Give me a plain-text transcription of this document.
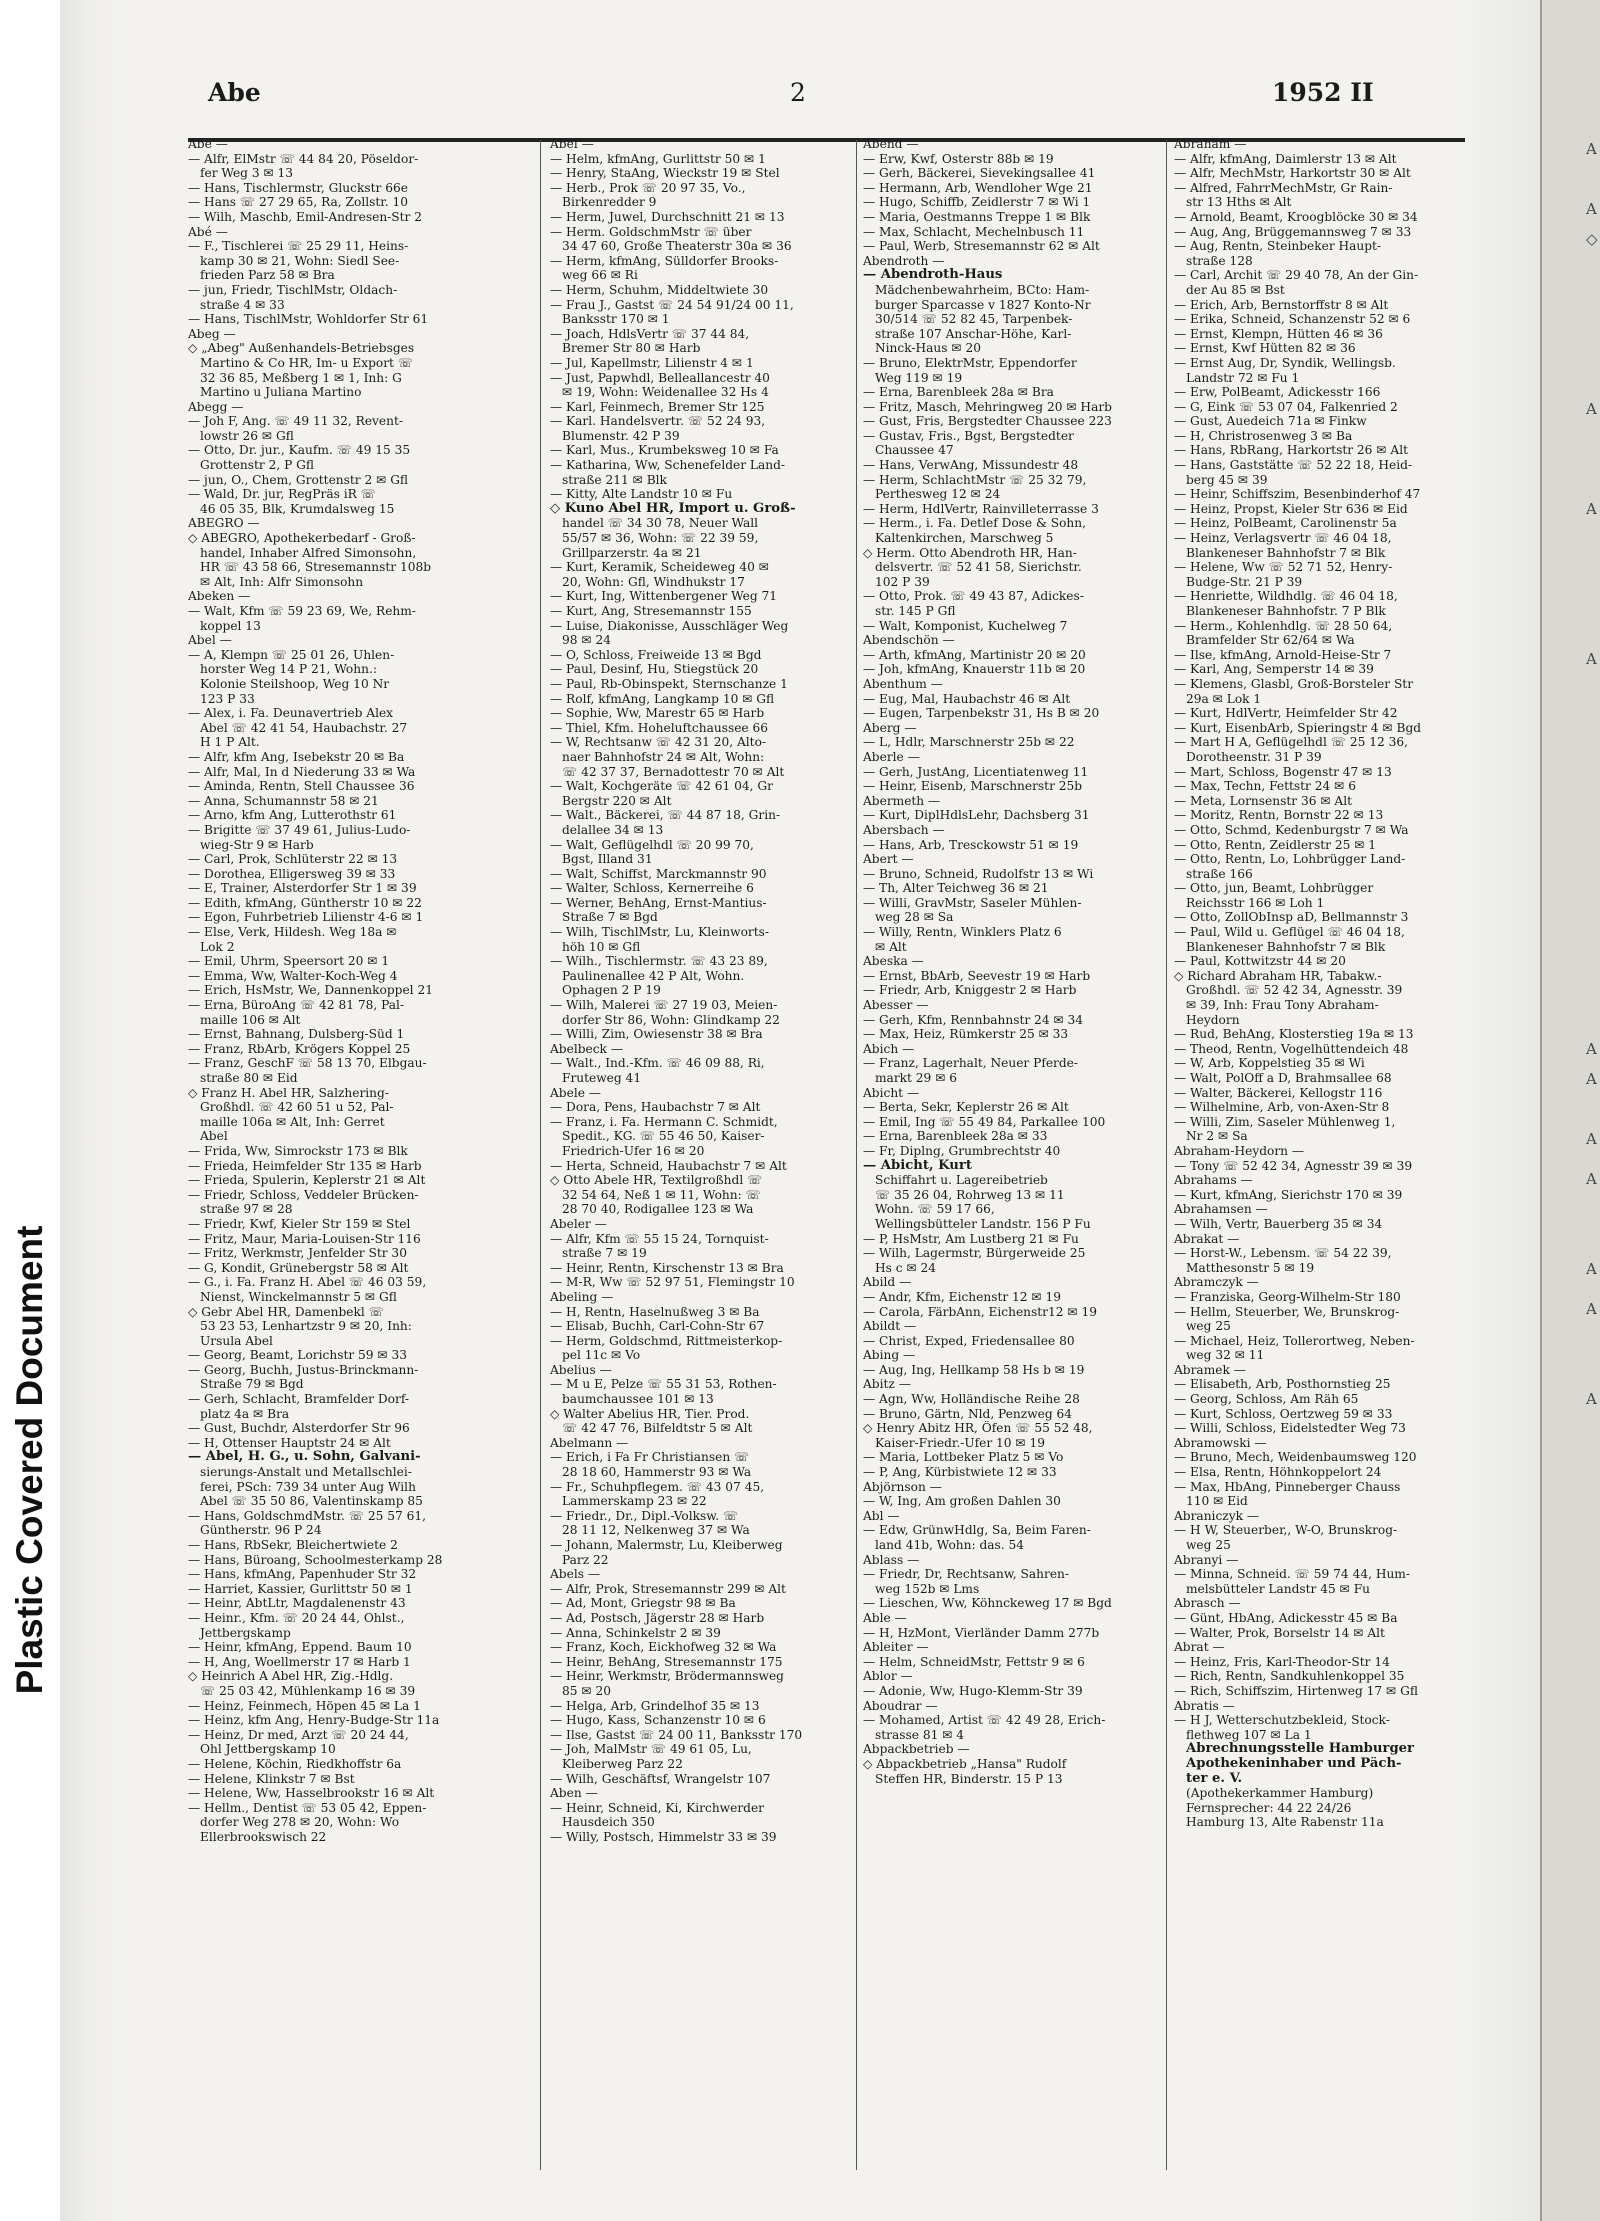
Plastic Covered Document
Abe	2	1952 II
Abe —
— Alfr, ElMstr ☏ 44 84 20, Pöseldor-
fer Weg 3 ✉ 13
— Hans, Tischlermstr, Gluckstr 66e
— Hans ☏ 27 29 65, Ra, Zollstr. 10
— Wilh, Maschb, Emil-Andresen-Str 2
Abé —
— F., Tischlerei ☏ 25 29 11, Heins-
kamp 30 ✉ 21, Wohn: Siedl See-
frieden Parz 58 ✉ Bra
— jun, Friedr, TischlMstr, Oldach-
straße 4 ✉ 33
— Hans, TischlMstr, Wohldorfer Str 61
Abeg —
◇ „Abeg" Außenhandels-Betriebsges
Martino & Co HR, Im- u Export ☏
32 36 85, Meßberg 1 ✉ 1, Inh: G
Martino u Juliana Martino
Abegg —
— Joh F, Ang. ☏ 49 11 32, Revent-
lowstr 26 ✉ Gfl
— Otto, Dr. jur., Kaufm. ☏ 49 15 35
Grottenstr 2, P Gfl
— jun, O., Chem, Grottenstr 2 ✉ Gfl
— Wald, Dr. jur, RegPräs iR ☏
46 05 35, Blk, Krumdalsweg 15
ABEGRO —
◇ ABEGRO, Apothekerbedarf - Groß-
handel, Inhaber Alfred Simonsohn,
HR ☏ 43 58 66, Stresemannstr 108b
✉ Alt, Inh: Alfr Simonsohn
Abeken —
— Walt, Kfm ☏ 59 23 69, We, Rehm-
koppel 13
Abel —
— A, Klempn ☏ 25 01 26, Uhlen-
horster Weg 14 P 21, Wohn.:
Kolonie Steilshoop, Weg 10 Nr
123 P 33
— Alex, i. Fa. Deunavertrieb Alex
Abel ☏ 42 41 54, Haubachstr. 27
H 1 P Alt.
— Alfr, kfm Ang, Isebekstr 20 ✉ Ba
— Alfr, Mal, In d Niederung 33 ✉ Wa
— Aminda, Rentn, Stell Chaussee 36
— Anna, Schumannstr 58 ✉ 21
— Arno, kfm Ang, Lutterothstr 61
— Brigitte ☏ 37 49 61, Julius-Ludo-
wieg-Str 9 ✉ Harb
— Carl, Prok, Schlüterstr 22 ✉ 13
— Dorothea, Elligersweg 39 ✉ 33
— E, Trainer, Alsterdorfer Str 1 ✉ 39
— Edith, kfmAng, Güntherstr 10 ✉ 22
— Egon, Fuhrbetrieb Lilienstr 4-6 ✉ 1
— Else, Verk, Hildesh. Weg 18a ✉
Lok 2
— Emil, Uhrm, Speersort 20 ✉ 1
— Emma, Ww, Walter-Koch-Weg 4
— Erich, HsMstr, We, Dannenkoppel 21
— Erna, BüroAng ☏ 42 81 78, Pal-
maille 106 ✉ Alt
— Ernst, Bahnang, Dulsberg-Süd 1
— Franz, RbArb, Krögers Koppel 25
— Franz, GeschF ☏ 58 13 70, Elbgau-
straße 80 ✉ Eid
◇ Franz H. Abel HR, Salzhering-
Großhdl. ☏ 42 60 51 u 52, Pal-
maille 106a ✉ Alt, Inh: Gerret
Abel
— Frida, Ww, Simrockstr 173 ✉ Blk
— Frieda, Heimfelder Str 135 ✉ Harb
— Frieda, Spulerin, Keplerstr 21 ✉ Alt
— Friedr, Schloss, Veddeler Brücken-
straße 97 ✉ 28
— Friedr, Kwf, Kieler Str 159 ✉ Stel
— Fritz, Maur, Maria-Louisen-Str 116
— Fritz, Werkmstr, Jenfelder Str 30
— G, Kondit, Grünebergstr 58 ✉ Alt
— G., i. Fa. Franz H. Abel ☏ 46 03 59,
Nienst, Winckelmannstr 5 ✉ Gfl
◇ Gebr Abel HR, Damenbekl ☏
53 23 53, Lenhartzstr 9 ✉ 20, Inh:
Ursula Abel
— Georg, Beamt, Lorichstr 59 ✉ 33
— Georg, Buchh, Justus-Brinckmann-
Straße 79 ✉ Bgd
— Gerh, Schlacht, Bramfelder Dorf-
platz 4a ✉ Bra
— Gust, Buchdr, Alsterdorfer Str 96
— H, Ottenser Hauptstr 24 ✉ Alt
— Abel, H. G., u. Sohn, Galvani-
sierungs-Anstalt und Metallschlei-
ferei, PSch: 739 34 unter Aug Wilh
Abel ☏ 35 50 86, Valentinskamp 85
— Hans, GoldschmdMstr. ☏ 25 57 61,
Güntherstr. 96 P 24
— Hans, RbSekr, Bleichertwiete 2
— Hans, Büroang, Schoolmesterkamp 28
— Hans, kfmAng, Papenhuder Str 32
— Harriet, Kassier, Gurlittstr 50 ✉ 1
— Heinr, AbtLtr, Magdalenenstr 43
— Heinr., Kfm. ☏ 20 24 44, Ohlst.,
Jettbergskamp
— Heinr, kfmAng, Eppend. Baum 10
— H, Ang, Woellmerstr 17 ✉ Harb 1
◇ Heinrich A Abel HR, Zig.-Hdlg.
☏ 25 03 42, Mühlenkamp 16 ✉ 39
— Heinz, Feinmech, Höpen 45 ✉ La 1
— Heinz, kfm Ang, Henry-Budge-Str 11a
— Heinz, Dr med, Arzt ☏ 20 24 44,
Ohl Jettbergskamp 10
— Helene, Köchin, Riedkhoffstr 6a
— Helene, Klinkstr 7 ✉ Bst
— Helene, Ww, Hasselbrookstr 16 ✉ Alt
— Hellm., Dentist ☏ 53 05 42, Eppen-
dorfer Weg 278 ✉ 20, Wohn: Wo
Ellerbrookswisch 22
Abel —
— Helm, kfmAng, Gurlittstr 50 ✉ 1
— Henry, StaAng, Wieckstr 19 ✉ Stel
— Herb., Prok ☏ 20 97 35, Vo.,
Birkenredder 9
— Herm, Juwel, Durchschnitt 21 ✉ 13
— Herm. GoldschmMstr ☏ über
34 47 60, Große Theaterstr 30a ✉ 36
— Herm, kfmAng, Sülldorfer Brooks-
weg 66 ✉ Ri
— Herm, Schuhm, Middeltwiete 30
— Frau J., Gastst ☏ 24 54 91/24 00 11,
Banksstr 170 ✉ 1
— Joach, HdlsVertr ☏ 37 44 84,
Bremer Str 80 ✉ Harb
— Jul, Kapellmstr, Lilienstr 4 ✉ 1
— Just, Papwhdl, Belleallancestr 40
✉ 19, Wohn: Weidenallee 32 Hs 4
— Karl, Feinmech, Bremer Str 125
— Karl. Handelsvertr. ☏ 52 24 93,
Blumenstr. 42 P 39
— Karl, Mus., Krumbeksweg 10 ✉ Fa
— Katharina, Ww, Schenefelder Land-
straße 211 ✉ Blk
— Kitty, Alte Landstr 10 ✉ Fu
◇ Kuno Abel HR, Import u. Groß-
handel ☏ 34 30 78, Neuer Wall
55/57 ✉ 36, Wohn: ☏ 22 39 59,
Grillparzerstr. 4a ✉ 21
— Kurt, Keramik, Scheideweg 40 ✉
20, Wohn: Gfl, Windhukstr 17
— Kurt, Ing, Wittenbergener Weg 71
— Kurt, Ang, Stresemannstr 155
— Luise, Diakonisse, Ausschläger Weg
98 ✉ 24
— O, Schloss, Freiweide 13 ✉ Bgd
— Paul, Desinf, Hu, Stiegstück 20
— Paul, Rb-Obinspekt, Sternschanze 1
— Rolf, kfmAng, Langkamp 10 ✉ Gfl
— Sophie, Ww, Marestr 65 ✉ Harb
— Thiel, Kfm. Hoheluftchaussee 66
— W, Rechtsanw ☏ 42 31 20, Alto-
naer Bahnhofstr 24 ✉ Alt, Wohn:
☏ 42 37 37, Bernadottestr 70 ✉ Alt
— Walt, Kochgeräte ☏ 42 61 04, Gr
Bergstr 220 ✉ Alt
— Walt., Bäckerei, ☏ 44 87 18, Grin-
delallee 34 ✉ 13
— Walt, Geflügelhdl ☏ 20 99 70,
Bgst, Illand 31
— Walt, Schiffst, Marckmannstr 90
— Walter, Schloss, Kernerreihe 6
— Werner, BehAng, Ernst-Mantius-
Straße 7 ✉ Bgd
— Wilh, TischlMstr, Lu, Kleinworts-
höh 10 ✉ Gfl
— Wilh., Tischlermstr. ☏ 43 23 89,
Paulinenallee 42 P Alt, Wohn.
Ophagen 2 P 19
— Wilh, Malerei ☏ 27 19 03, Meien-
dorfer Str 86, Wohn: Glindkamp 22
— Willi, Zim, Owiesenstr 38 ✉ Bra
Abelbeck —
— Walt., Ind.-Kfm. ☏ 46 09 88, Ri,
Fruteweg 41
Abele —
— Dora, Pens, Haubachstr 7 ✉ Alt
— Franz, i. Fa. Hermann C. Schmidt,
Spedit., KG. ☏ 55 46 50, Kaiser-
Friedrich-Ufer 16 ✉ 20
— Herta, Schneid, Haubachstr 7 ✉ Alt
◇ Otto Abele HR, Textilgroßhdl ☏
32 54 64, Neß 1 ✉ 11, Wohn: ☏
28 70 40, Rodigallee 123 ✉ Wa
Abeler —
— Alfr, Kfm ☏ 55 15 24, Tornquist-
straße 7 ✉ 19
— Heinr, Rentn, Kirschenstr 13 ✉ Bra
— M-R, Ww ☏ 52 97 51, Flemingstr 10
Abeling —
— H, Rentn, Haselnußweg 3 ✉ Ba
— Elisab, Buchh, Carl-Cohn-Str 67
— Herm, Goldschmd, Rittmeisterkop-
pel 11c ✉ Vo
Abelius —
— M u E, Pelze ☏ 55 31 53, Rothen-
baumchaussee 101 ✉ 13
◇ Walter Abelius HR, Tier. Prod.
☏ 42 47 76, Bilfeldtstr 5 ✉ Alt
Abelmann —
— Erich, i Fa Fr Christiansen ☏
28 18 60, Hammerstr 93 ✉ Wa
— Fr., Schuhpflegem. ☏ 43 07 45,
Lammerskamp 23 ✉ 22
— Friedr., Dr., Dipl.-Volksw. ☏
28 11 12, Nelkenweg 37 ✉ Wa
— Johann, Malermstr, Lu, Kleiberweg
Parz 22
Abels —
— Alfr, Prok, Stresemannstr 299 ✉ Alt
— Ad, Mont, Griegstr 98 ✉ Ba
— Ad, Postsch, Jägerstr 28 ✉ Harb
— Anna, Schinkelstr 2 ✉ 39
— Franz, Koch, Eickhofweg 32 ✉ Wa
— Heinr, BehAng, Stresemannstr 175
— Heinr, Werkmstr, Brödermannsweg
85 ✉ 20
— Helga, Arb, Grindelhof 35 ✉ 13
— Hugo, Kass, Schanzenstr 10 ✉ 6
— Ilse, Gastst ☏ 24 00 11, Banksstr 170
— Joh, MalMstr ☏ 49 61 05, Lu,
Kleiberweg Parz 22
— Wilh, Geschäftsf, Wrangelstr 107
Aben —
— Heinr, Schneid, Ki, Kirchwerder
Hausdeich 350
— Willy, Postsch, Himmelstr 33 ✉ 39
Abend —
— Erw, Kwf, Osterstr 88b ✉ 19
— Gerh, Bäckerei, Sievekingsallee 41
— Hermann, Arb, Wendloher Wge 21
— Hugo, Schiffb, Zeidlerstr 7 ✉ Wi 1
— Maria, Oestmanns Treppe 1 ✉ Blk
— Max, Schlacht, Mechelnbusch 11
— Paul, Werb, Stresemannstr 62 ✉ Alt
Abendroth —
— Abendroth-Haus
Mädchenbewahrheim, BCto: Ham-
burger Sparcasse v 1827 Konto-Nr
30/514 ☏ 52 82 45, Tarpenbek-
straße 107 Anschar-Höhe, Karl-
Ninck-Haus ✉ 20
— Bruno, ElektrMstr, Eppendorfer
Weg 119 ✉ 19
— Erna, Barenbleek 28a ✉ Bra
— Fritz, Masch, Mehringweg 20 ✉ Harb
— Gust, Fris, Bergstedter Chaussee 223
— Gustav, Fris., Bgst, Bergstedter
Chaussee 47
— Hans, VerwAng, Missundestr 48
— Herm, SchlachtMstr ☏ 25 32 79,
Perthesweg 12 ✉ 24
— Herm, HdlVertr, Rainvilleterrasse 3
— Herm., i. Fa. Detlef Dose & Sohn,
Kaltenkirchen, Marschweg 5
◇ Herm. Otto Abendroth HR, Han-
delsvertr. ☏ 52 41 58, Sierichstr.
102 P 39
— Otto, Prok. ☏ 49 43 87, Adickes-
str. 145 P Gfl
— Walt, Komponist, Kuchelweg 7
Abendschön —
— Arth, kfmAng, Martinistr 20 ✉ 20
— Joh, kfmAng, Knauerstr 11b ✉ 20
Abenthum —
— Eug, Mal, Haubachstr 46 ✉ Alt
— Eugen, Tarpenbekstr 31, Hs B ✉ 20
Aberg —
— L, Hdlr, Marschnerstr 25b ✉ 22
Aberle —
— Gerh, JustAng, Licentiatenweg 11
— Heinr, Eisenb, Marschnerstr 25b
Abermeth —
— Kurt, DiplHdlsLehr, Dachsberg 31
Abersbach —
— Hans, Arb, Tresckowstr 51 ✉ 19
Abert —
— Bruno, Schneid, Rudolfstr 13 ✉ Wi
— Th, Alter Teichweg 36 ✉ 21
— Willi, GravMstr, Saseler Mühlen-
weg 28 ✉ Sa
— Willy, Rentn, Winklers Platz 6
✉ Alt
Abeska —
— Ernst, BbArb, Seevestr 19 ✉ Harb
— Friedr, Arb, Kniggestr 2 ✉ Harb
Abesser —
— Gerh, Kfm, Rennbahnstr 24 ✉ 34
— Max, Heiz, Rümkerstr 25 ✉ 33
Abich —
— Franz, Lagerhalt, Neuer Pferde-
markt 29 ✉ 6
Abicht —
— Berta, Sekr, Keplerstr 26 ✉ Alt
— Emil, Ing ☏ 55 49 84, Parkallee 100
— Erna, Barenbleek 28a ✉ 33
— Fr, Diplng, Grumbrechtstr 40
— Abicht, Kurt
Schiffahrt u. Lagereibetrieb
☏ 35 26 04, Rohrweg 13 ✉ 11
Wohn. ☏ 59 17 66,
Wellingsbütteler Landstr. 156 P Fu
— P, HsMstr, Am Lustberg 21 ✉ Fu
— Wilh, Lagermstr, Bürgerweide 25
Hs c ✉ 24
Abild —
— Andr, Kfm, Eichenstr 12 ✉ 19
— Carola, FärbAnn, Eichenstr12 ✉ 19
Abildt —
— Christ, Exped, Friedensallee 80
Abing —
— Aug, Ing, Hellkamp 58 Hs b ✉ 19
Abitz —
— Agn, Ww, Holländische Reihe 28
— Bruno, Gärtn, Nld, Penzweg 64
◇ Henry Abitz HR, Öfen ☏ 55 52 48,
Kaiser-Friedr.-Ufer 10 ✉ 19
— Maria, Lottbeker Platz 5 ✉ Vo
— P, Ang, Kürbistwiete 12 ✉ 33
Abjörnson —
— W, Ing, Am großen Dahlen 30
Abl —
— Edw, GrünwHdlg, Sa, Beim Faren-
land 41b, Wohn: das. 54
Ablass —
— Friedr, Dr, Rechtsanw, Sahren-
weg 152b ✉ Lms
— Lieschen, Ww, Köhnckeweg 17 ✉ Bgd
Able —
— H, HzMont, Vierländer Damm 277b
Ableiter —
— Helm, SchneidMstr, Fettstr 9 ✉ 6
Ablor —
— Adonie, Ww, Hugo-Klemm-Str 39
Aboudrar —
— Mohamed, Artist ☏ 42 49 28, Erich-
strasse 81 ✉ 4
Abpackbetrieb —
◇ Abpackbetrieb „Hansa" Rudolf
Steffen HR, Binderstr. 15 P 13
Abraham —
— Alfr, kfmAng, Daimlerstr 13 ✉ Alt
— Alfr, MechMstr, Harkortstr 30 ✉ Alt
— Alfred, FahrrMechMstr, Gr Rain-
str 13 Hths ✉ Alt
— Arnold, Beamt, Kroogblöcke 30 ✉ 34
— Aug, Ang, Brüggemannsweg 7 ✉ 33
— Aug, Rentn, Steinbeker Haupt-
straße 128
— Carl, Archit ☏ 29 40 78, An der Gin-
der Au 85 ✉ Bst
— Erich, Arb, Bernstorffstr 8 ✉ Alt
— Erika, Schneid, Schanzenstr 52 ✉ 6
— Ernst, Klempn, Hütten 46 ✉ 36
— Ernst, Kwf Hütten 82 ✉ 36
— Ernst Aug, Dr, Syndik, Wellingsb.
Landstr 72 ✉ Fu 1
— Erw, PolBeamt, Adickesstr 166
— G, Eink ☏ 53 07 04, Falkenried 2
— Gust, Auedeich 71a ✉ Finkw
— H, Christrosenweg 3 ✉ Ba
— Hans, RbRang, Harkortstr 26 ✉ Alt
— Hans, Gaststätte ☏ 52 22 18, Heid-
berg 45 ✉ 39
— Heinr, Schiffszim, Besenbinderhof 47
— Heinz, Propst, Kieler Str 636 ✉ Eid
— Heinz, PolBeamt, Carolinenstr 5a
— Heinz, Verlagsvertr ☏ 46 04 18,
Blankeneser Bahnhofstr 7 ✉ Blk
— Helene, Ww ☏ 52 71 52, Henry-
Budge-Str. 21 P 39
— Henriette, Wildhdlg. ☏ 46 04 18,
Blankeneser Bahnhofstr. 7 P Blk
— Herm., Kohlenhdlg. ☏ 28 50 64,
Bramfelder Str 62/64 ✉ Wa
— Ilse, kfmAng, Arnold-Heise-Str 7
— Karl, Ang, Semperstr 14 ✉ 39
— Klemens, Glasbl, Groß-Borsteler Str
29a ✉ Lok 1
— Kurt, HdlVertr, Heimfelder Str 42
— Kurt, EisenbArb, Spieringstr 4 ✉ Bgd
— Mart H A, Geflügelhdl ☏ 25 12 36,
Dorotheenstr. 31 P 39
— Mart, Schloss, Bogenstr 47 ✉ 13
— Max, Techn, Fettstr 24 ✉ 6
— Meta, Lornsenstr 36 ✉ Alt
— Moritz, Rentn, Bornstr 22 ✉ 13
— Otto, Schmd, Kedenburgstr 7 ✉ Wa
— Otto, Rentn, Zeidlerstr 25 ✉ 1
— Otto, Rentn, Lo, Lohbrügger Land-
straße 166
— Otto, jun, Beamt, Lohbrügger
Reichsstr 166 ✉ Loh 1
— Otto, ZollObInsp aD, Bellmannstr 3
— Paul, Wild u. Geflügel ☏ 46 04 18,
Blankeneser Bahnhofstr 7 ✉ Blk
— Paul, Kottwitzstr 44 ✉ 20
◇ Richard Abraham HR, Tabakw.-
Großhdl. ☏ 52 42 34, Agnesstr. 39
✉ 39, Inh: Frau Tony Abraham-
Heydorn
— Rud, BehAng, Klosterstieg 19a ✉ 13
— Theod, Rentn, Vogelhüttendeich 48
— W, Arb, Koppelstieg 35 ✉ Wi
— Walt, PolOff a D, Brahmsallee 68
— Walter, Bäckerei, Kellogstr 116
— Wilhelmine, Arb, von-Axen-Str 8
— Willi, Zim, Saseler Mühlenweg 1,
Nr 2 ✉ Sa
Abraham-Heydorn —
— Tony ☏ 52 42 34, Agnesstr 39 ✉ 39
Abrahams —
— Kurt, kfmAng, Sierichstr 170 ✉ 39
Abrahamsen —
— Wilh, Vertr, Bauerberg 35 ✉ 34
Abrakat —
— Horst-W., Lebensm. ☏ 54 22 39,
Matthesonstr 5 ✉ 19
Abramczyk —
— Franziska, Georg-Wilhelm-Str 180
— Hellm, Steuerber, We, Brunskrog-
weg 25
— Michael, Heiz, Tollerortweg, Neben-
weg 32 ✉ 11
Abramek —
— Elisabeth, Arb, Posthornstieg 25
— Georg, Schloss, Am Räh 65
— Kurt, Schloss, Oertzweg 59 ✉ 33
— Willi, Schloss, Eidelstedter Weg 73
Abramowski —
— Bruno, Mech, Weidenbaumsweg 120
— Elsa, Rentn, Höhnkoppelort 24
— Max, HbAng, Pinneberger Chauss
110 ✉ Eid
Abraniczyk —
— H W, Steuerber,, W-O, Brunskrog-
weg 25
Abranyi —
— Minna, Schneid. ☏ 59 74 44, Hum-
melsbütteler Landstr 45 ✉ Fu
Abrasch —
— Günt, HbAng, Adickesstr 45 ✉ Ba
— Walter, Prok, Borselstr 14 ✉ Alt
Abrat —
— Heinz, Fris, Karl-Theodor-Str 14
— Rich, Rentn, Sandkuhlenkoppel 35
— Rich, Schiffszim, Hirtenweg 17 ✉ Gfl
Abratis —
— H J, Wetterschutzbekleid, Stock-
flethweg 107 ✉ La 1
Abrechnungsstelle Hamburger
Apothekeninhaber und Päch-
ter e. V.
(Apothekerkammer Hamburg)
Fernsprecher: 44 22 24/26
Hamburg 13, Alte Rabenstr 11a
A
A
◇
A
A
A
A
A
A
A
A
A
A
